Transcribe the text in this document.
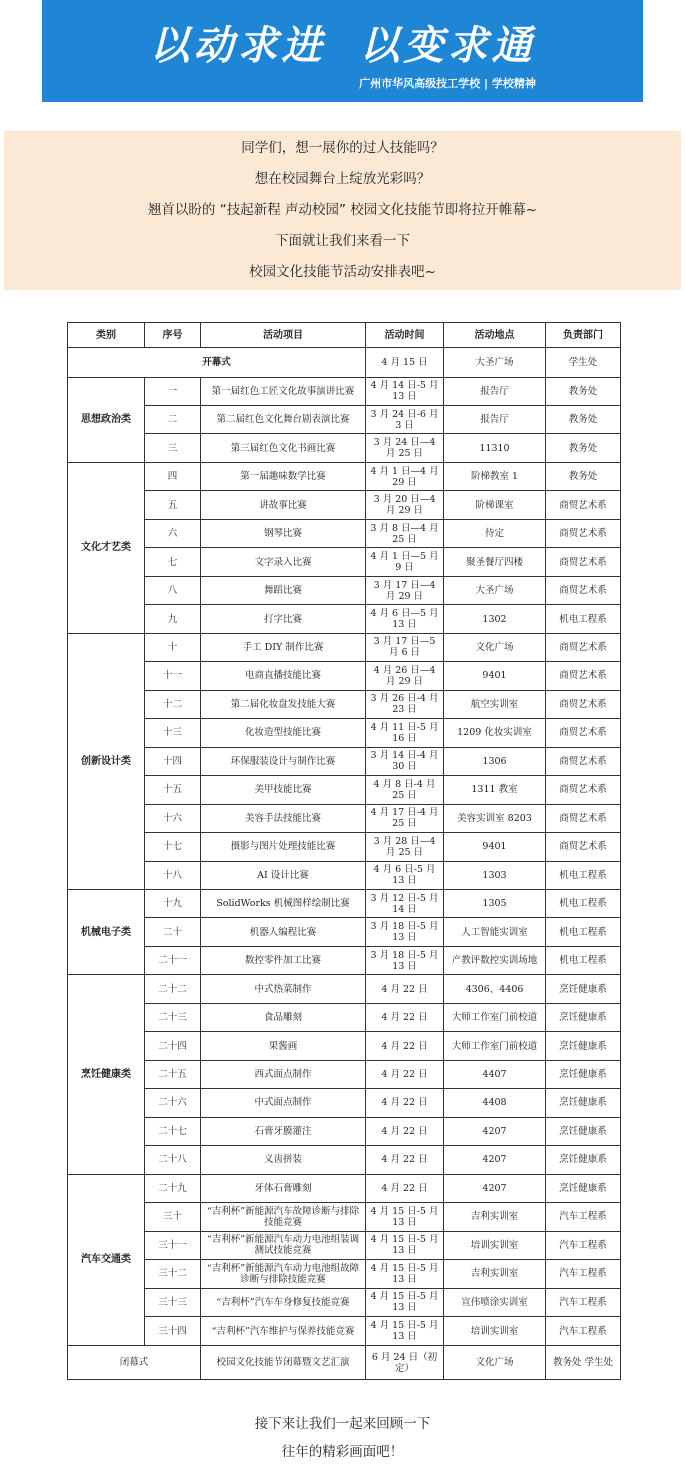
以动求进 以变求通
广州市华风高级技工学校 | 学校精神

同学们，想一展你的过人技能吗？

想在校园舞台上绽放光彩吗？

翘首以盼的 “技起新程 声动校园” 校园文化技能节即将拉开帷幕~

下面就让我们来看一下

校园文化技能节活动安排表吧~

类别	序号	活动项目	活动时间	活动地点	负责部门
开幕式			4 月 15 日	大圣广场	学生处
思想政治类	一	第一届红色工匠文化故事演讲比赛	4 月 14 日-5 月 13 日	报告厅	教务处
	二	第二届红色文化舞台剧表演比赛	3 月 24 日-6 月 3 日	报告厅	教务处
	三	第三届红色文化书画比赛	3 月 24 日—4 月 25 日	11310	教务处
文化才艺类	四	第一届趣味数学比赛	4 月 1 日—4 月 29 日	阶梯教室 1	教务处
	五	讲故事比赛	3 月 20 日—4 月 29 日	阶梯课室	商贸艺术系
	六	钢琴比赛	3 月 8 日—4 月 25 日	待定	商贸艺术系
	七	文字录入比赛	4 月 1 日—5 月 9 日	聚圣餐厅四楼	商贸艺术系
	八	舞蹈比赛	3 月 17 日—4 月 29 日	大圣广场	商贸艺术系
	九	打字比赛	4 月 6 日—5 月 13 日	1302	机电工程系
创新设计类	十	手工 DIY 制作比赛	3 月 17 日—5 月 6 日	文化广场	商贸艺术系
	十一	电商直播技能比赛	4 月 26 日—4 月 29 日	9401	商贸艺术系
	十二	第二届化妆盘发技能大赛	3 月 26 日-4 月 23 日	航空实训室	商贸艺术系
	十三	化妆造型技能比赛	4 月 11 日-5 月 16 日	1209 化妆实训室	商贸艺术系
	十四	环保服装设计与制作比赛	3 月 14 日-4 月 30 日	1306	商贸艺术系
	十五	美甲技能比赛	4 月 8 日-4 月 25 日	1311 教室	商贸艺术系
	十六	美容手法技能比赛	4 月 17 日-4 月 25 日	美容实训室 8203	商贸艺术系
	十七	摄影与图片处理技能比赛	3 月 28 日—4 月 25 日	9401	商贸艺术系
	十八	AI 设计比赛	4 月 6 日-5 月 13 日	1303	机电工程系
机械电子类	十九	SolidWorks 机械图样绘制比赛	3 月 12 日-5 月 14 日	1305	机电工程系
	二十	机器人编程比赛	3 月 18 日-5 月 13 日	人工智能实训室	机电工程系
	二十一	数控零件加工比赛	3 月 18 日-5 月 13 日	产教评数控实训场地	机电工程系
烹饪健康类	二十二	中式热菜制作	4 月 22 日	4306、4406	烹饪健康系
	二十三	食品雕刻	4 月 22 日	大师工作室门前校道	烹饪健康系
	二十四	果酱画	4 月 22 日	大师工作室门前校道	烹饪健康系
	二十五	西式面点制作	4 月 22 日	4407	烹饪健康系
	二十六	中式面点制作	4 月 22 日	4408	烹饪健康系
	二十七	石膏牙膜灌注	4 月 22 日	4207	烹饪健康系
	二十八	义齿拼装	4 月 22 日	4207	烹饪健康系
汽车交通类	二十九	牙体石膏雕刻	4 月 22 日	4207	烹饪健康系
	三十	“吉利杯”新能源汽车故障诊断与排除技能竞赛	4 月 15 日-5 月 13 日	吉利实训室	汽车工程系
	三十一	“吉利杯”新能源汽车动力电池组装调测试技能竞赛	4 月 15 日-5 月 13 日	培训实训室	汽车工程系
	三十二	“吉利杯”新能源汽车动力电池组故障诊断与排除技能竞赛	4 月 15 日-5 月 13 日	吉利实训室	汽车工程系
	三十三	“吉利杯”汽车车身修复技能竞赛	4 月 15 日-5 月 13 日	宣伟喷涂实训室	汽车工程系
	三十四	“吉利杯”汽车维护与保养技能竞赛	4 月 15 日-5 月 13 日	培训实训室	汽车工程系
闭幕式		校园文化技能节闭幕暨文艺汇演	6 月 24 日（初定）	文化广场	教务处 学生处

接下来让我们一起来回顾一下

往年的精彩画面吧！
